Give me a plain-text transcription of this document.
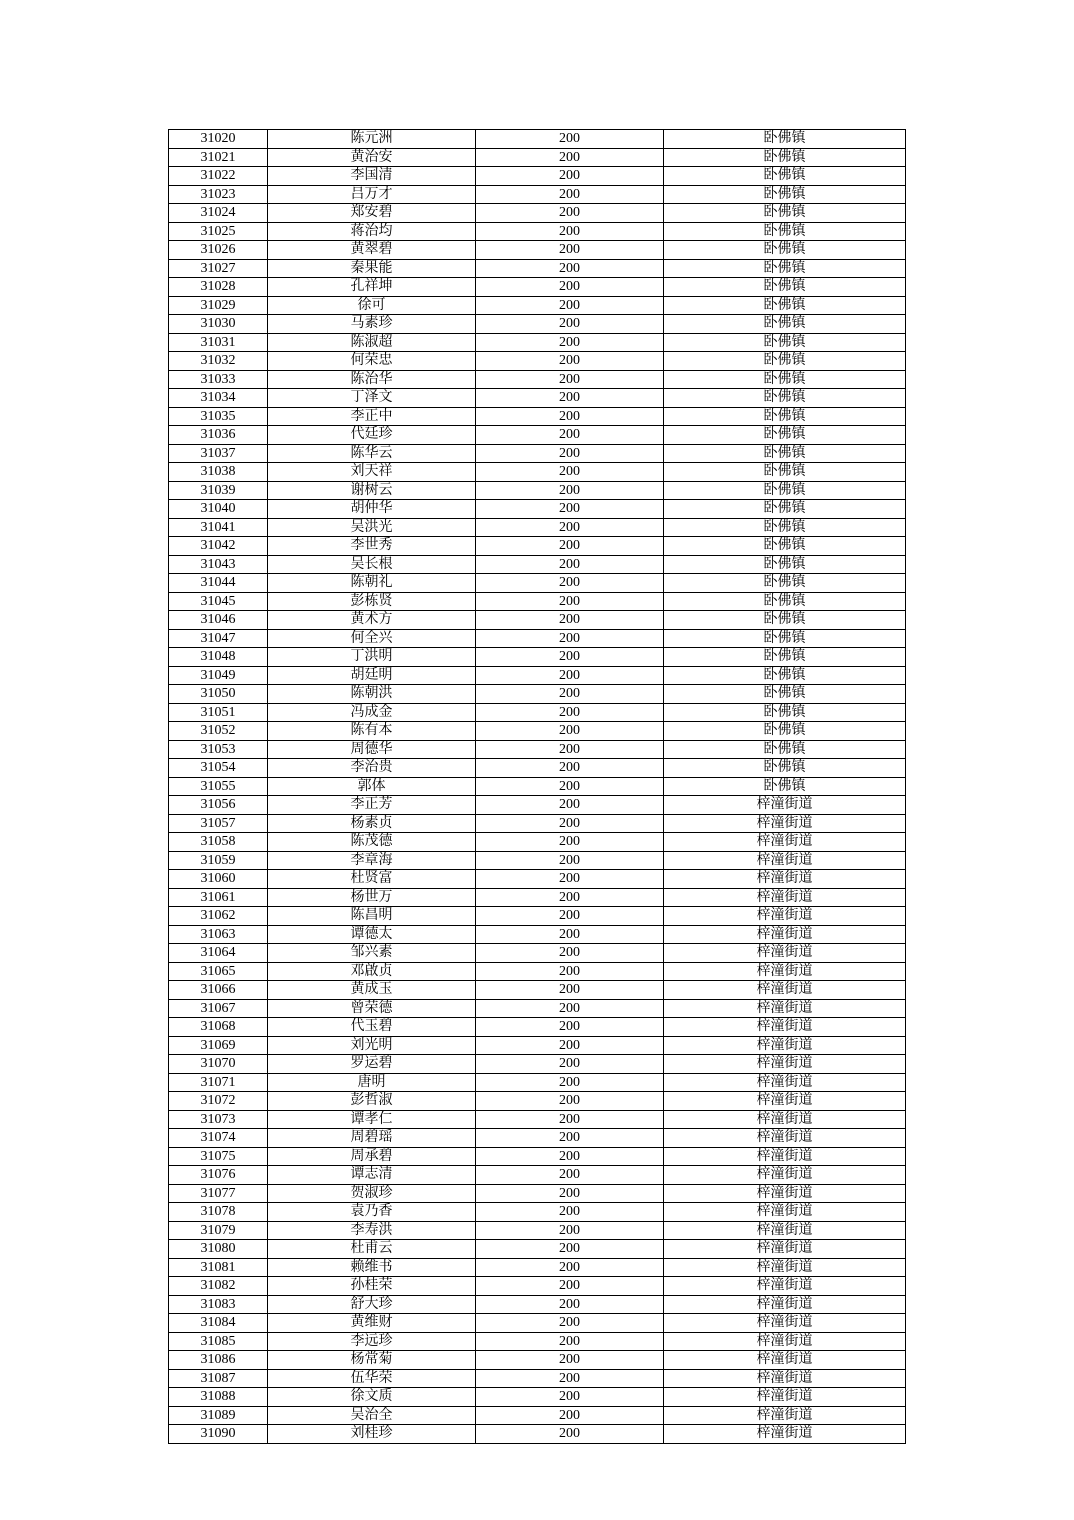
31020	陈元洲	200	卧佛镇
31021	黄治安	200	卧佛镇
31022	李国清	200	卧佛镇
31023	吕万才	200	卧佛镇
31024	郑安碧	200	卧佛镇
31025	蒋治均	200	卧佛镇
31026	黄翠碧	200	卧佛镇
31027	秦果能	200	卧佛镇
31028	孔祥坤	200	卧佛镇
31029	徐可	200	卧佛镇
31030	马素珍	200	卧佛镇
31031	陈淑超	200	卧佛镇
31032	何荣忠	200	卧佛镇
31033	陈治华	200	卧佛镇
31034	丁泽文	200	卧佛镇
31035	李正中	200	卧佛镇
31036	代廷珍	200	卧佛镇
31037	陈华云	200	卧佛镇
31038	刘天祥	200	卧佛镇
31039	谢树云	200	卧佛镇
31040	胡仲华	200	卧佛镇
31041	吴洪光	200	卧佛镇
31042	李世秀	200	卧佛镇
31043	吴长根	200	卧佛镇
31044	陈朝礼	200	卧佛镇
31045	彭栋贤	200	卧佛镇
31046	黄术方	200	卧佛镇
31047	何全兴	200	卧佛镇
31048	丁洪明	200	卧佛镇
31049	胡廷明	200	卧佛镇
31050	陈朝洪	200	卧佛镇
31051	冯成金	200	卧佛镇
31052	陈有本	200	卧佛镇
31053	周德华	200	卧佛镇
31054	李治贵	200	卧佛镇
31055	郭体	200	卧佛镇
31056	李正芳	200	梓潼街道
31057	杨素贞	200	梓潼街道
31058	陈茂德	200	梓潼街道
31059	李章海	200	梓潼街道
31060	杜贤富	200	梓潼街道
31061	杨世万	200	梓潼街道
31062	陈昌明	200	梓潼街道
31063	谭德太	200	梓潼街道
31064	邹兴素	200	梓潼街道
31065	邓啟贞	200	梓潼街道
31066	黄成玉	200	梓潼街道
31067	曾荣德	200	梓潼街道
31068	代玉碧	200	梓潼街道
31069	刘光明	200	梓潼街道
31070	罗运碧	200	梓潼街道
31071	唐明	200	梓潼街道
31072	彭哲淑	200	梓潼街道
31073	谭孝仁	200	梓潼街道
31074	周碧瑶	200	梓潼街道
31075	周承碧	200	梓潼街道
31076	谭志清	200	梓潼街道
31077	贺淑珍	200	梓潼街道
31078	袁乃香	200	梓潼街道
31079	李寿洪	200	梓潼街道
31080	杜甫云	200	梓潼街道
31081	赖维书	200	梓潼街道
31082	孙桂荣	200	梓潼街道
31083	舒大珍	200	梓潼街道
31084	黄维财	200	梓潼街道
31085	李远珍	200	梓潼街道
31086	杨常菊	200	梓潼街道
31087	伍华荣	200	梓潼街道
31088	徐文质	200	梓潼街道
31089	吴治全	200	梓潼街道
31090	刘桂珍	200	梓潼街道
